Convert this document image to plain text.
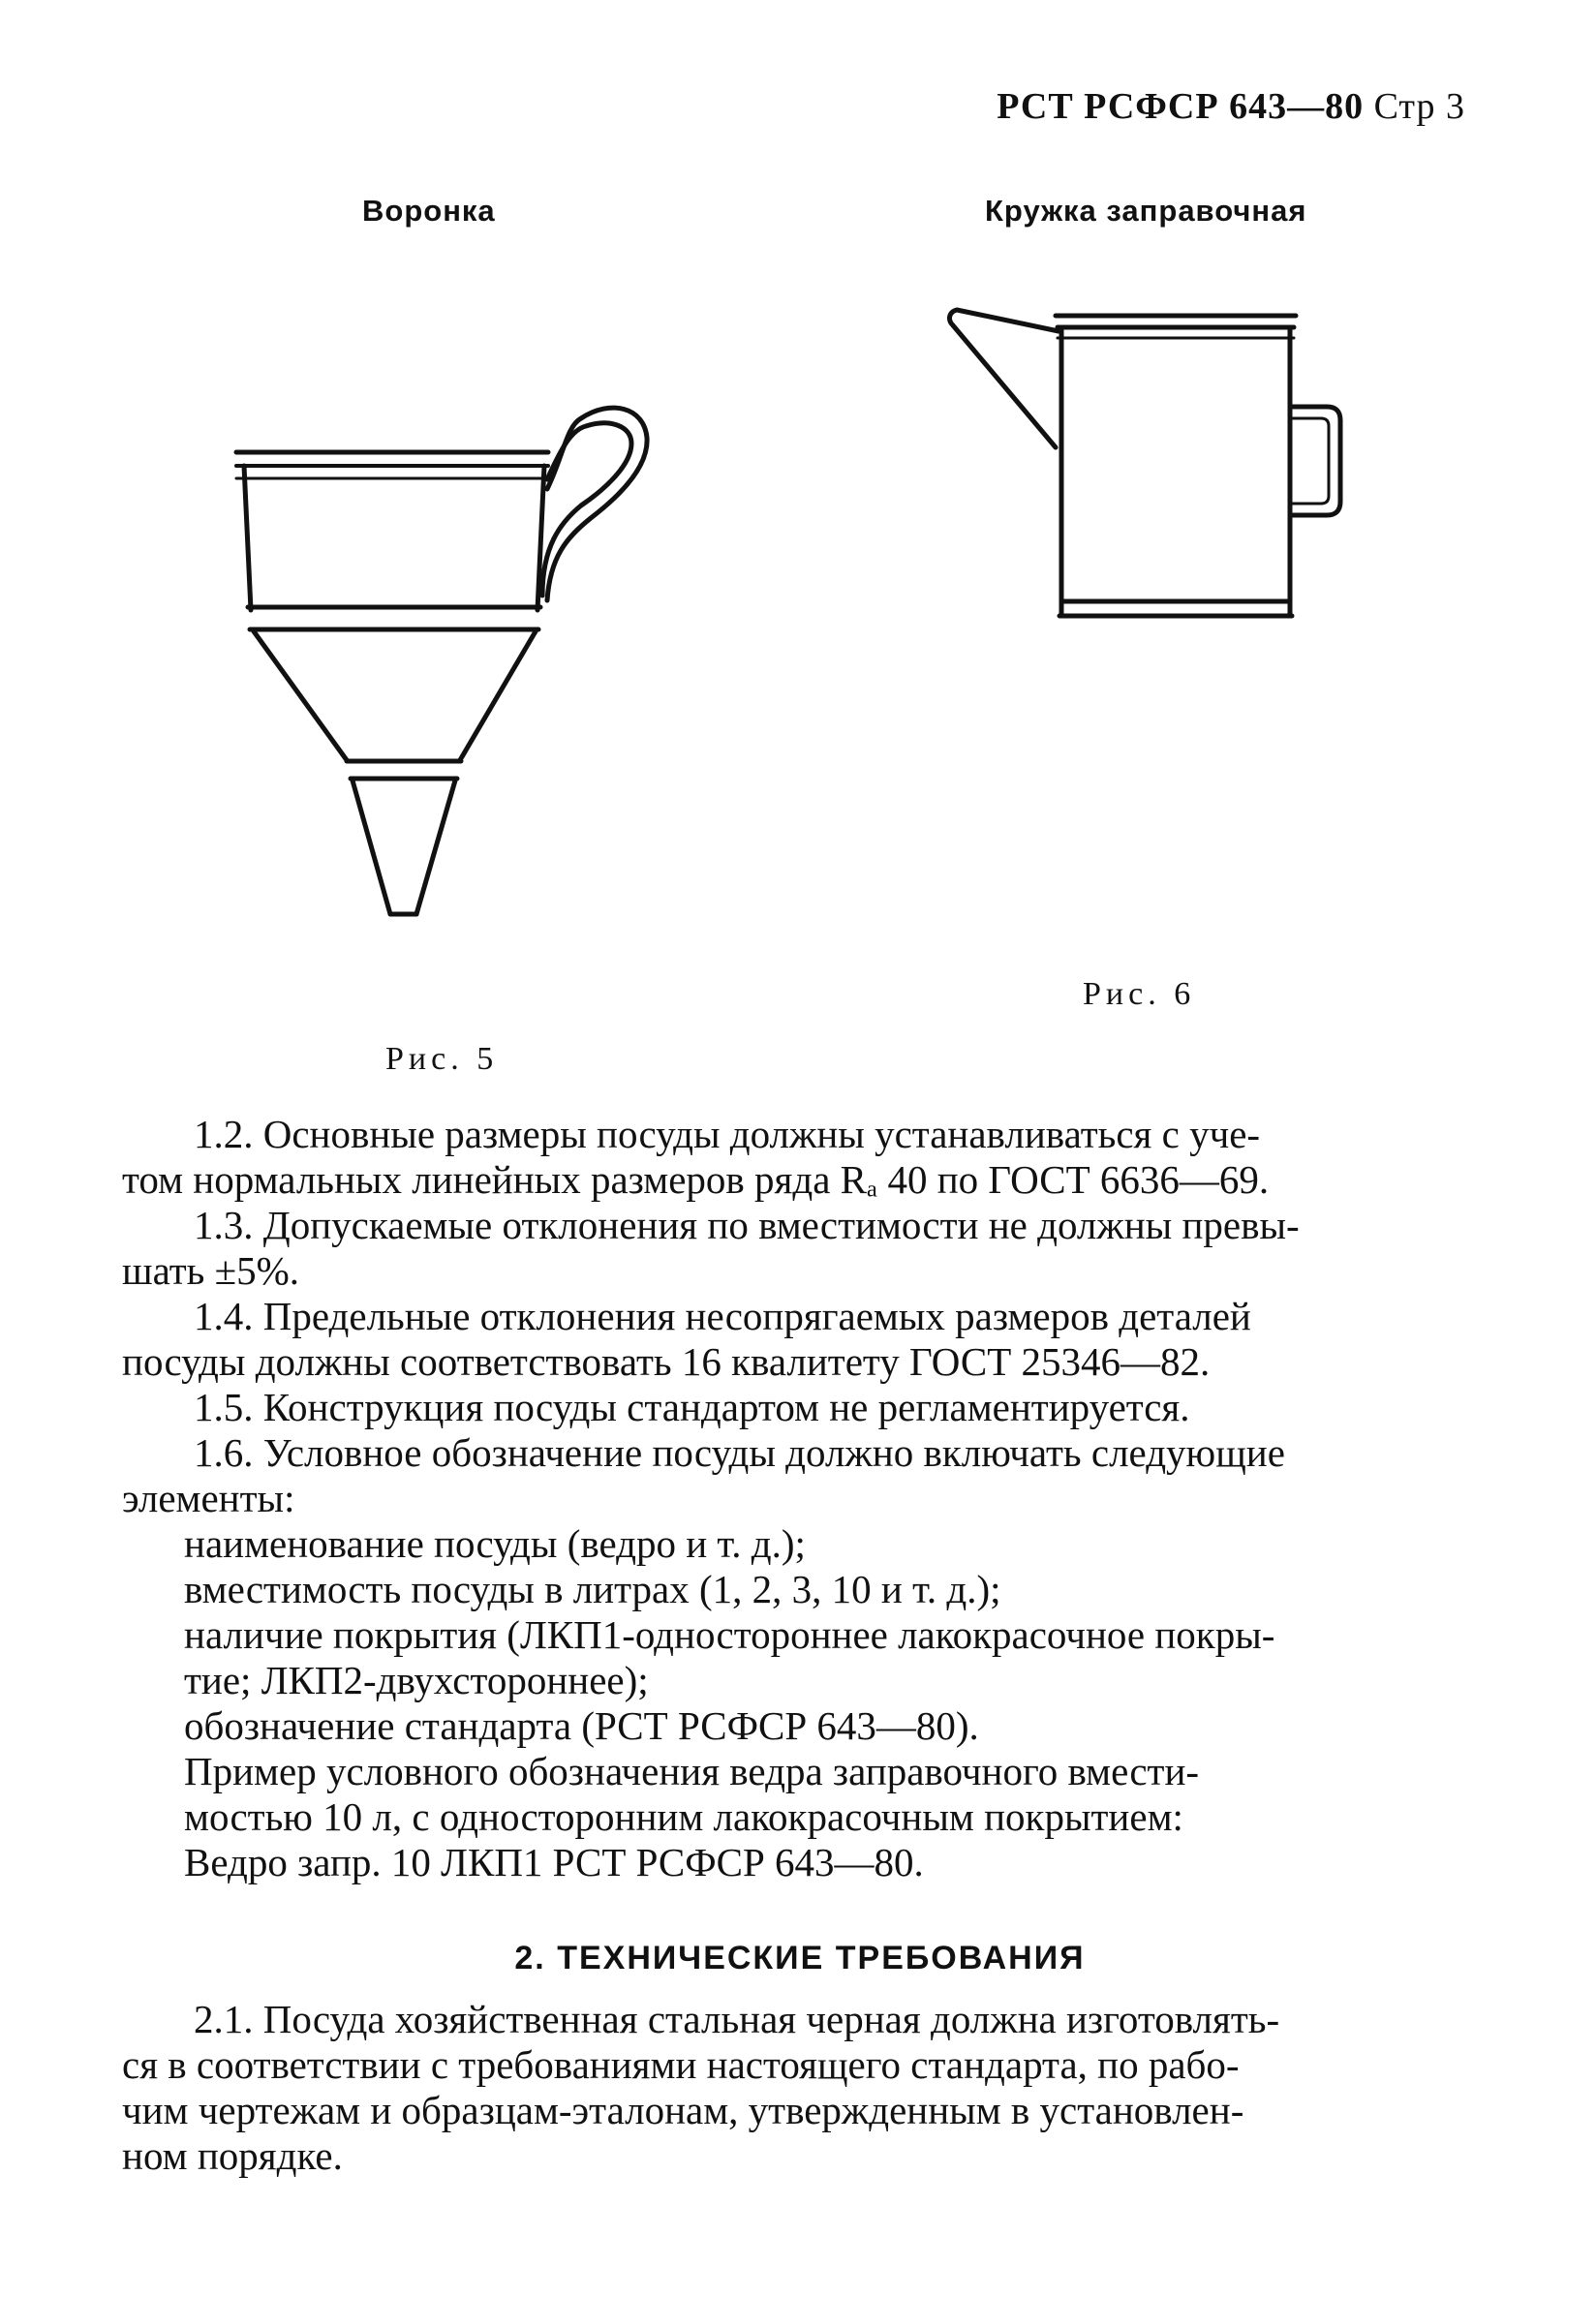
РСТ РСФСР 643—80 Стр 3
Воронка	Кружка заправочная
Рис. 5
Рис. 6
1.2. Основные размеры посуды должны устанавливаться с уче-
том нормальных линейных размеров ряда Rₐ 40 по ГОСТ 6636—69.
1.3. Допускаемые отклонения по вместимости не должны превы-
шать ±5%.
1.4. Предельные отклонения несопрягаемых размеров деталей
посуды должны соответствовать 16 квалитету ГОСТ 25346—82.
1.5. Конструкция посуды стандартом не регламентируется.
1.6. Условное обозначение посуды должно включать следующие
элементы:
наименование посуды (ведро и т. д.);
вместимость посуды в литрах (1, 2, 3, 10 и т. д.);
наличие покрытия (ЛКП1-одностороннее лакокрасочное покры-
тие; ЛКП2-двухстороннее);
обозначение стандарта (РСТ РСФСР 643—80).
Пример условного обозначения ведра заправочного вмести-
мостью 10 л, с односторонним лакокрасочным покрытием:
Ведро запр. 10 ЛКП1 РСТ РСФСР 643—80.
2. ТЕХНИЧЕСКИЕ ТРЕБОВАНИЯ
2.1. Посуда хозяйственная стальная черная должна изготовлять-
ся в соответствии с требованиями настоящего стандарта, по рабо-
чим чертежам и образцам-эталонам, утвержденным в установлен-
ном порядке.
